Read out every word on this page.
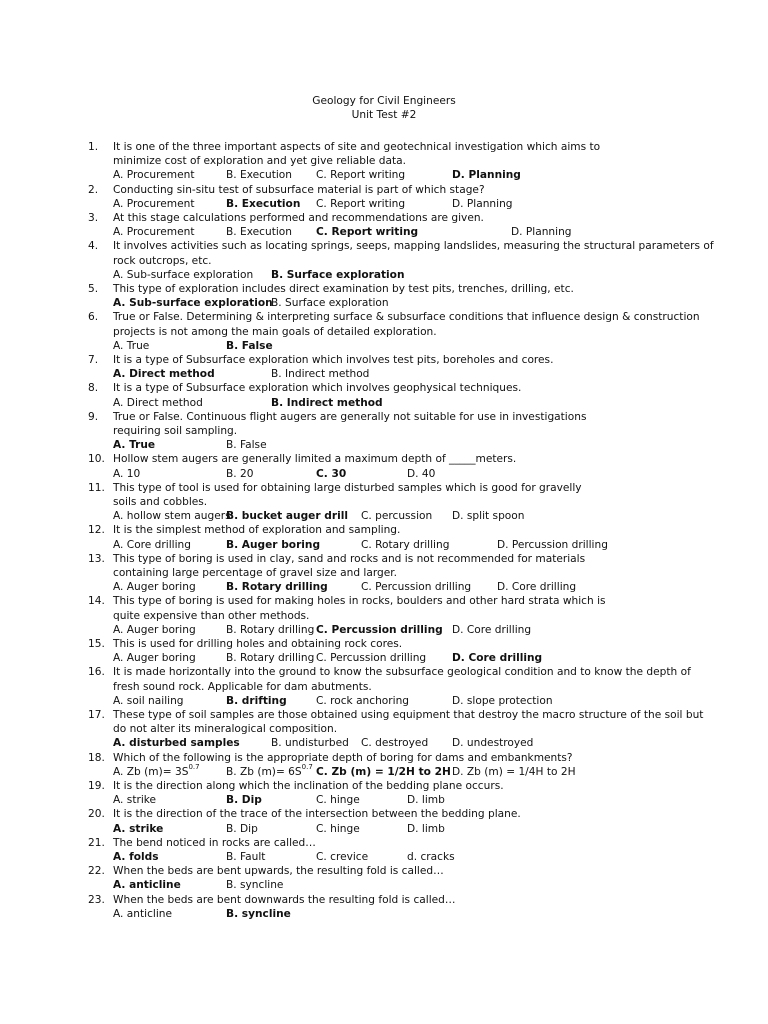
Geology for Civil Engineers
Unit Test #2
1.	It is one of the three important aspects of site and geotechnical investigation which aims to
minimize cost of exploration and yet give reliable data.
A. Procurement	B. Execution C. Report writing	D. Planning
2.	Conducting sin-situ test of subsurface material is part of which stage?
A. Procurement	B. Execution C. Report writing	D. Planning
3.	At this stage calculations performed and recommendations are given.
A. Procurement	B. Execution C. Report writing	D. Planning
4.	It involves activities such as locating springs, seeps, mapping landslides, measuring the structural parameters of
rock outcrops, etc.
A. Sub-surface exploration B. Surface exploration
5.	This type of exploration includes direct examination by test pits, trenches, drilling, etc.
A. Sub-surface exploration
B. Surface exploration
6.	True or False. Determining & interpreting surface & subsurface conditions that influence design & construction
projects is not among the main goals of detailed exploration.
A. True	B. False
7.	It is a type of Subsurface exploration which involves test pits, boreholes and cores.
A. Direct method	B. Indirect method
8.	It is a type of Subsurface exploration which involves geophysical techniques.
A. Direct method	B. Indirect method
9.	True or False. Continuous flight augers are generally not suitable for use in investigations
requiring soil sampling.
A. True	B. False
10. Hollow stem augers are generally limited a maximum depth of _____meters.
A. 10	B. 20	C. 30	D. 40
11. This type of tool is used for obtaining large disturbed samples which is good for gravelly
soils and cobbles.
A. hollow stem augers
B. bucket auger drill C. percussion D. split spoon
12. It is the simplest method of exploration and sampling.
A. Core drilling	B. Auger boring	C. Rotary drilling	D. Percussion drilling
13. This type of boring is used in clay, sand and rocks and is not recommended for materials
containing large percentage of gravel size and larger.
A. Auger boring	B. Rotary drilling	C. Percussion drilling D. Core drilling
14. This type of boring is used for making holes in rocks, boulders and other hard strata which is
quite expensive than other methods.
A. Auger boring	B. Rotary drilling C. Percussion drilling D. Core drilling
15. This is used for drilling holes and obtaining rock cores.
A. Auger boring	B. Rotary drilling C. Percussion drilling D. Core drilling
16. It is made horizontally into the ground to know the subsurface geological condition and to know the depth of
fresh sound rock. Applicable for dam abutments.
A. soil nailing	B. drifting	C. rock anchoring	D. slope protection
17. These type of soil samples are those obtained using equipment that destroy the macro structure of the soil but
do not alter its mineralogical composition.
A. disturbed samples	B. undisturbed C. destroyed D. undestroyed
18. Which of the following is the appropriate depth of boring for dams and embankments?
A. Zb $(m)= 3S^{0.7}$ B. Zb $(m)= 6S^{0.7}$ C. Zb (m) = 1/2H to 2H D. Zb (m) = 1/4H to 2H
19. It is the direction along which the inclination of the bedding plane occurs.
A. strike	B. Dip	C. hinge	D. limb
20. It is the direction of the trace of the intersection between the bedding plane.
A. strike	B. Dip	C. hinge	D. limb
21. The bend noticed in rocks are called…
A. folds	B. Fault	C. crevice	d. cracks
22. When the beds are bent upwards, the resulting fold is called…
A. anticline	B. syncline
23. When the beds are bent downwards the resulting fold is called…
A. anticline	B. syncline
